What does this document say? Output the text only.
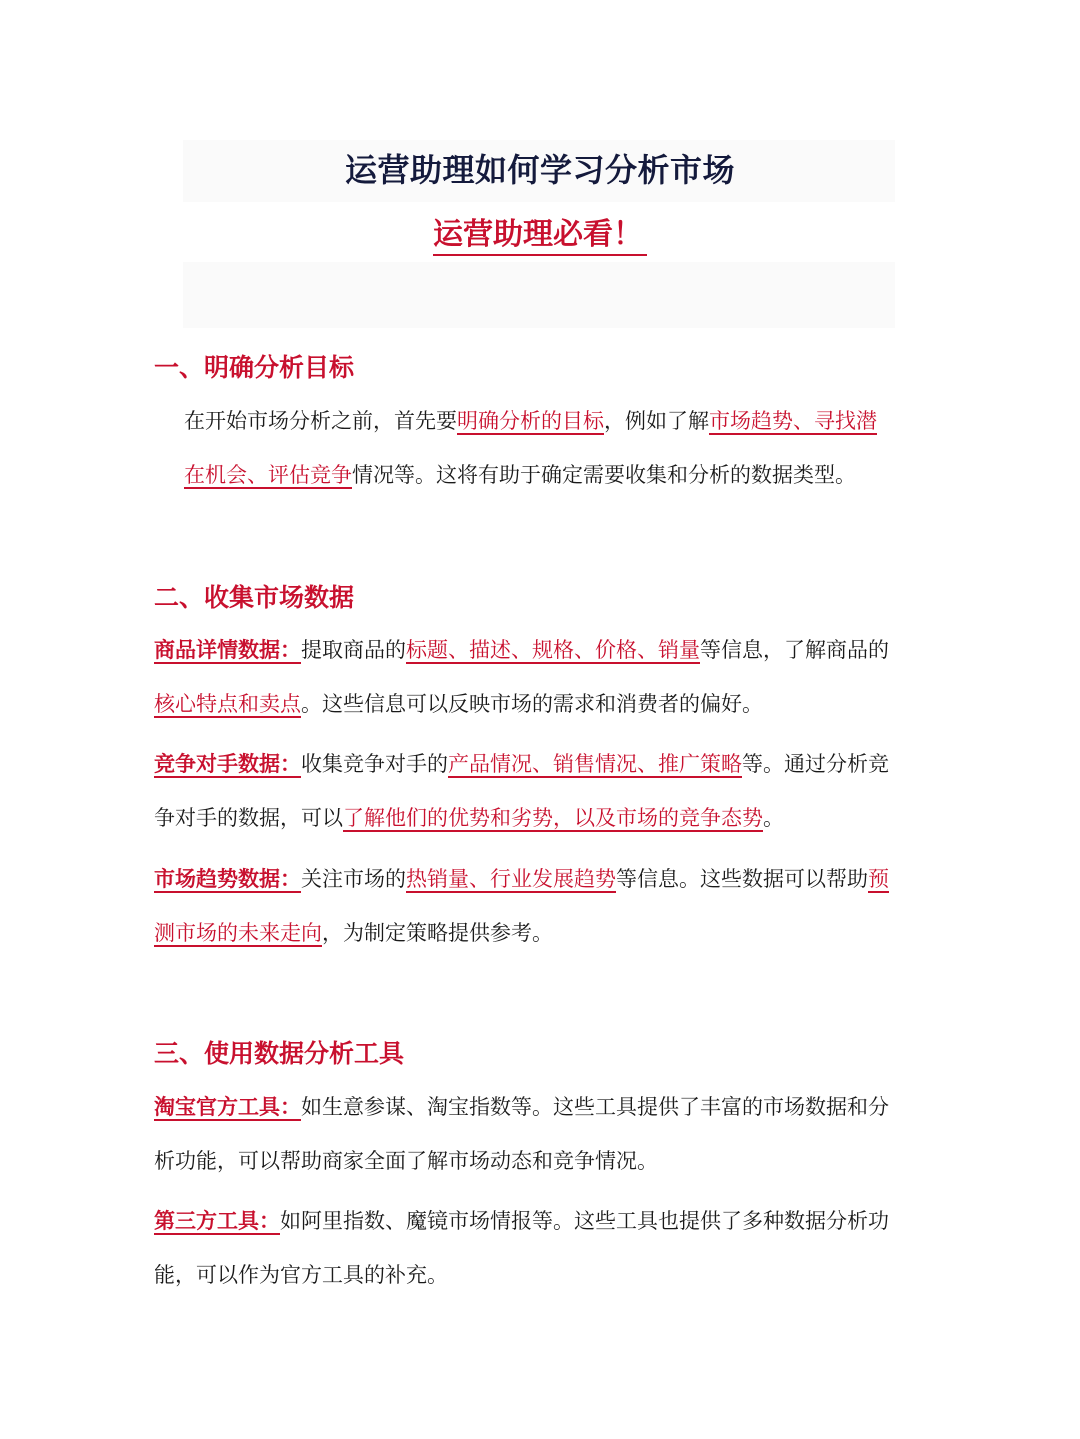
运营助理如何学习分析市场
运营助理必看！
一、明确分析目标
在开始市场分析之前，首先要明确分析的目标，例如了解市场趋势、寻找潜在机会、评估竞争情况等。这将有助于确定需要收集和分析的数据类型。
二、收集市场数据
商品详情数据：提取商品的标题、描述、规格、价格、销量等信息，了解商品的核心特点和卖点。这些信息可以反映市场的需求和消费者的偏好。
竞争对手数据：收集竞争对手的产品情况、销售情况、推广策略等。通过分析竞争对手的数据，可以了解他们的优势和劣势，以及市场的竞争态势。
市场趋势数据：关注市场的热销量、行业发展趋势等信息。这些数据可以帮助预测市场的未来走向，为制定策略提供参考。
三、使用数据分析工具
淘宝官方工具：如生意参谋、淘宝指数等。这些工具提供了丰富的市场数据和分析功能，可以帮助商家全面了解市场动态和竞争情况。
第三方工具：如阿里指数、魔镜市场情报等。这些工具也提供了多种数据分析功能，可以作为官方工具的补充。
